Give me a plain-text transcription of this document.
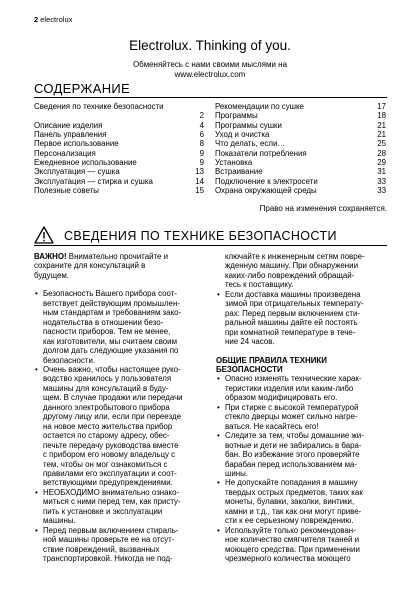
2 electrolux
Electrolux. Thinking of you.
Обменяйтесь с нами своими мыслями на
www.electrolux.com
СОДЕРЖАНИЕ
Сведения по технике безопасности
2
Описание изделия	4
Панель управления	6
Первое использование	8
Персонализация	9
Ежедневное использование	9
Эксплуатация — сушка	13
Эксплуатация — стирка и сушка	14
Полезные советы	15
Рекомендации по сушке	17
Программы	18
Программы сушки	21
Уход и очистка	21
Что делать, если…	25
Показатели потребления	28
Установка	29
Встраивание	31
Подключение к электросети	33
Охрана окружающей среды	33
Право на изменения сохраняется.
СВЕДЕНИЯ ПО ТЕХНИКЕ БЕЗОПАСНОСТИ

ВАЖНО! Внимательно прочитайте и

сохраните для консультаций в

будущем.

• Безопасность Вашего прибора соот-
ветствует действующим промышлен-
ным стандартам и требованиям зако-
нодательства в отношении безо-
пасности приборов. Тем не менее,
как изготовители, мы считаем своим
долгом дать следующие указания по
безопасности.
• Очень важно, чтобы настоящее руко-
водство хранилось у пользователя
машины для консультаций в буду-
щем. В случае продажи или передачи
данного электробытового прибора
другому лицу или, если при переезде
на новое место жительства прибор
остается по старому адресу, обес-
печьте передачу руководства вместе
с прибором его новому владельцу с
тем, чтобы он мог ознакомиться с
правилами его эксплуатации и соот-
ветствующими предупреждениями.
• НЕОБХОДИМО внимательно ознако-
миться с ними перед тем, как присту-
пить к установке и эксплуатации
машины.
• Перед первым включением стираль-
ной машины проверьте ее на отсут-
ствие повреждений, вызванных
транспортировкой. Никогда не под-
ключайте к инженерным сетям повре-
жденную машину. При обнаружении
каких-либо повреждений обращай-
тесь к поставщику.
• Если доставка машины произведена
зимой при отрицательных температу-
рах: Перед первым включением сти-
ральной машины дайте ей постоять
при комнатной температуре в тече-
ние 24 часов.
ОБЩИЕ ПРАВИЛА ТЕХНИКИ
БЕЗОПАСНОСТИ
• Опасно изменять технические харак-
теристики изделия или каким-либо
образом модифицировать его.
• При стирке с высокой температурой
стекло дверцы может сильно нагре-
ваться. Не касайтесь его!
• Следите за тем, чтобы домашние жи-
вотные и дети не забирались в бара-
бан. Во избежание этого проверяйте
барабан перед использованием ма-
шины.
• Не допускайте попадания в машину
твердых острых предметов, таких как
монеты, булавки, заколки, винтики,
камни и т.д., так как они могут приве-
сти к ее серьезному повреждению.
• Используйте только рекомендован-
ное количество смягчителя тканей и
моющего средства. При применении
чрезмерного количества моющего
